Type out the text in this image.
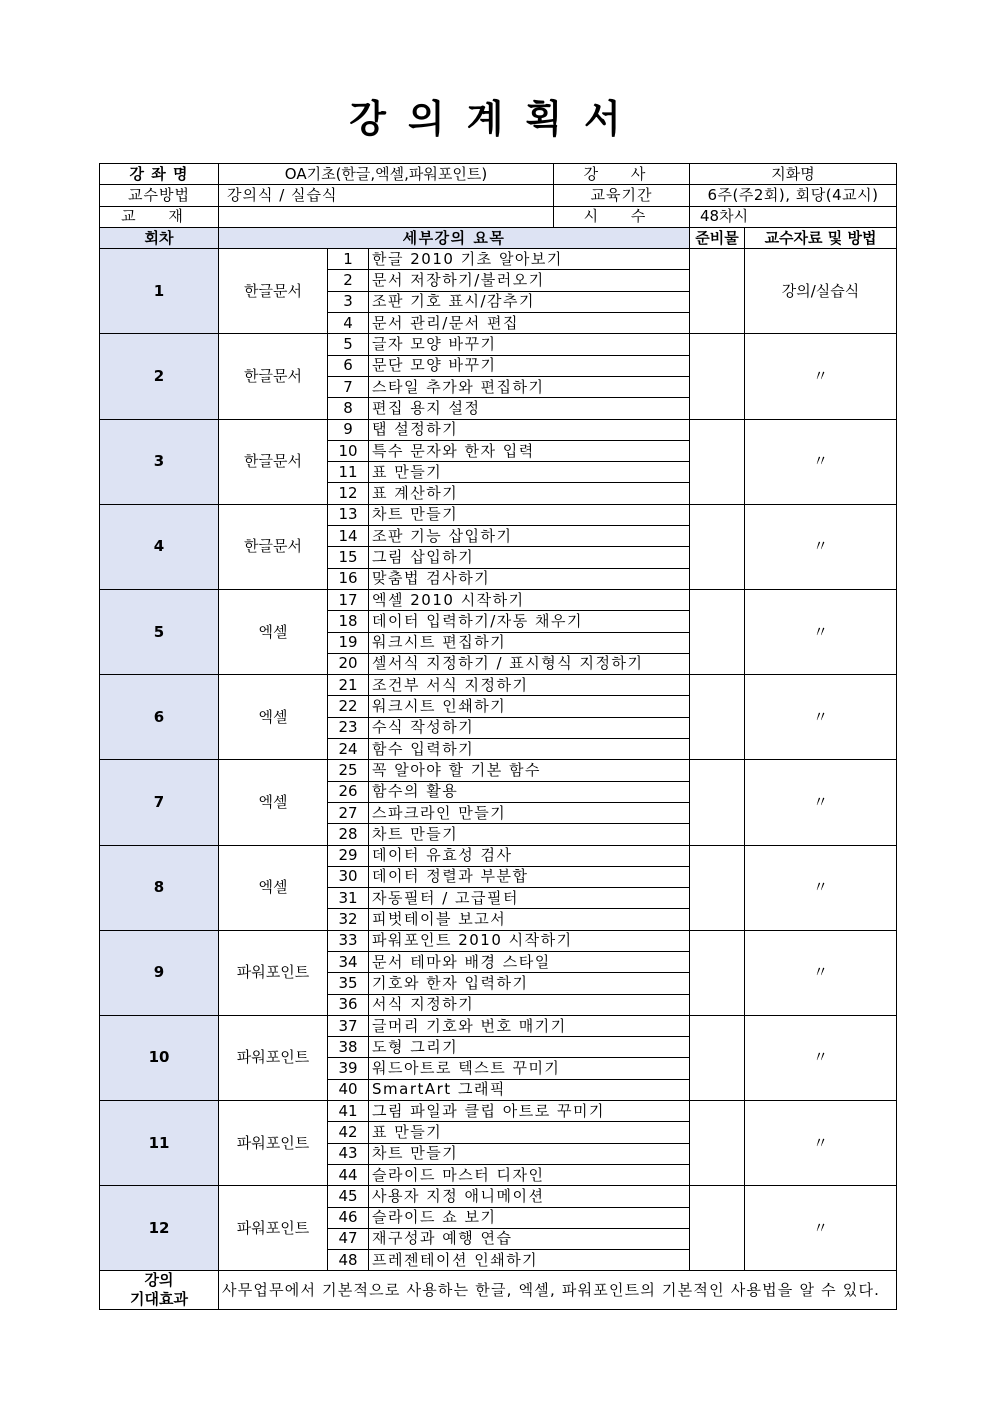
강의계획서
강 좌 명	OA기초(한글,엑셀,파워포인트)			강 사	지화명	
교수방법	강의식 / 실습식			교육기간	6주(주2회), 회당(4교시)	
교 재				시 수	48차시	
회차	세부강의 요목				준비물	교수자료 및 방법
1	한글문서	1	한글 2010 기초 알아보기			강의/실습식
		2	문서 저장하기/불러오기			
		3	조판 기호 표시/감추기			
		4	문서 관리/문서 편집			
2	한글문서	5	글자 모양 바꾸기			〃
		6	문단 모양 바꾸기			
		7	스타일 추가와 편집하기			
		8	편집 용지 설정			
3	한글문서	9	탭 설정하기			〃
		10	특수 문자와 한자 입력			
		11	표 만들기			
		12	표 계산하기			
4	한글문서	13	차트 만들기			〃
		14	조판 기능 삽입하기			
		15	그림 삽입하기			
		16	맞춤법 검사하기			
5	엑셀	17	엑셀 2010 시작하기			〃
		18	데이터 입력하기/자동 채우기			
		19	워크시트 편집하기			
		20	셀서식 지정하기 / 표시형식 지정하기			
6	엑셀	21	조건부 서식 지정하기			〃
		22	워크시트 인쇄하기			
		23	수식 작성하기			
		24	함수 입력하기			
7	엑셀	25	꼭 알아야 할 기본 함수			〃
		26	함수의 활용			
		27	스파크라인 만들기			
		28	차트 만들기			
8	엑셀	29	데이터 유효성 검사			〃
		30	데이터 정렬과 부분합			
		31	자동필터 / 고급필터			
		32	피벗테이블 보고서			
9	파워포인트	33	파워포인트 2010 시작하기			〃
		34	문서 테마와 배경 스타일			
		35	기호와 한자 입력하기			
		36	서식 지정하기			
10	파워포인트	37	글머리 기호와 번호 매기기			〃
		38	도형 그리기			
		39	워드아트로 텍스트 꾸미기			
		40	SmartArt 그래픽			
11	파워포인트	41	그림 파일과 클립 아트로 꾸미기			〃
		42	표 만들기			
		43	차트 만들기			
		44	슬라이드 마스터 디자인			
12	파워포인트	45	사용자 지정 애니메이션			〃
		46	슬라이드 쇼 보기			
		47	재구성과 예행 연습			
		48	프레젠테이션 인쇄하기			

강의
기대효과	사무업무에서 기본적으로 사용하는 한글, 엑셀, 파워포인트의 기본적인 사용법을 알 수 있다.					
